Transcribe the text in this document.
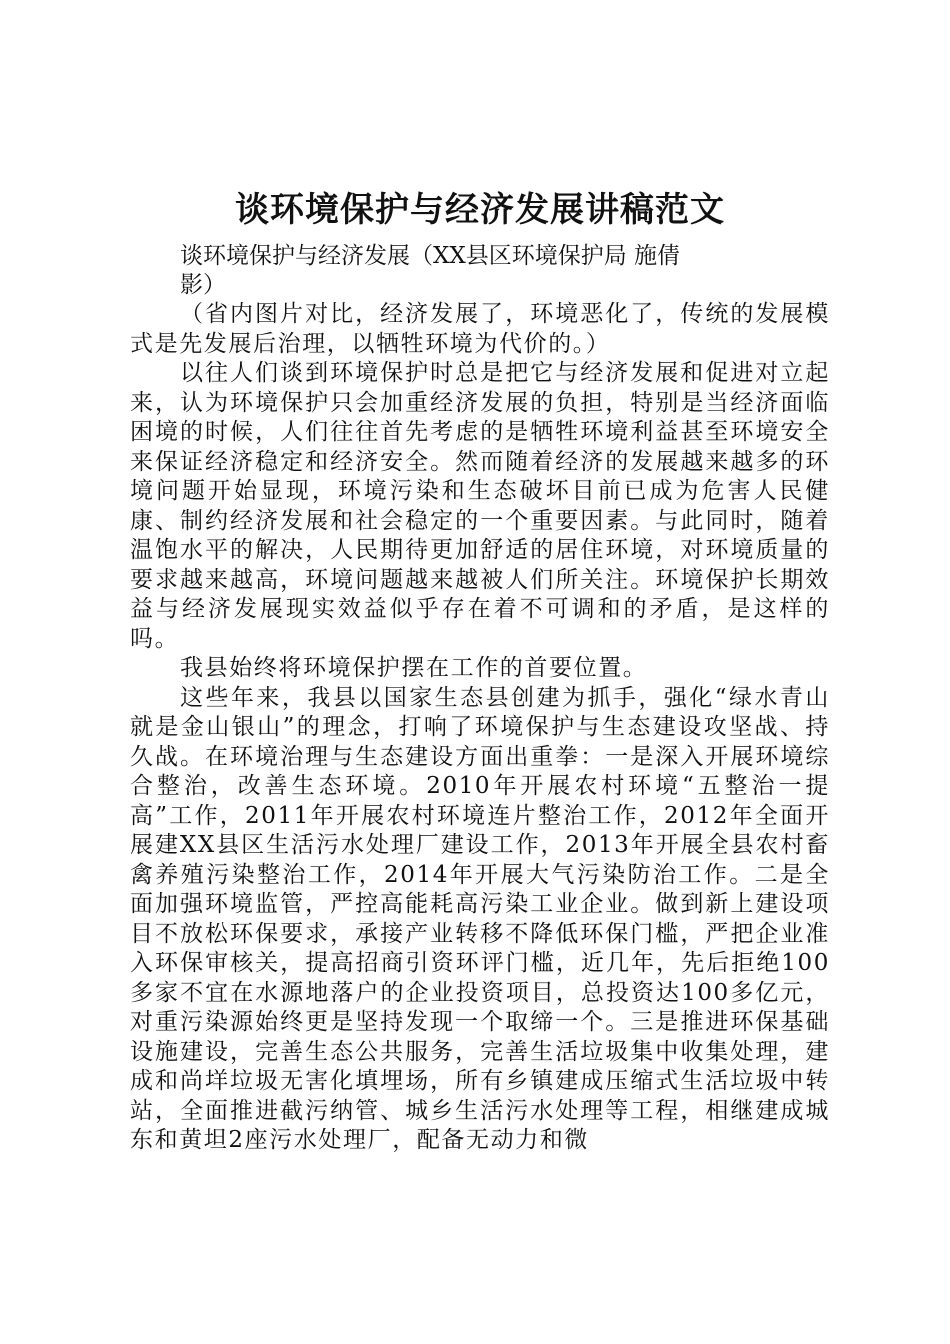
谈环境保护与经济发展讲稿范文

谈环境保护与经济发展（XX县区环境保护局 施倩影）

（省内图片对比，经济发展了，环境恶化了，传统的发展模式是先发展后治理，以牺牲环境为代价的。）

以往人们谈到环境保护时总是把它与经济发展和促进对立起来，认为环境保护只会加重经济发展的负担，特别是当经济面临困境的时候，人们往往首先考虑的是牺牲环境利益甚至环境安全来保证经济稳定和经济安全。然而随着经济的发展越来越多的环境问题开始显现，环境污染和生态破坏目前已成为危害人民健康、制约经济发展和社会稳定的一个重要因素。与此同时，随着温饱水平的解决，人民期待更加舒适的居住环境，对环境质量的要求越来越高，环境问题越来越被人们所关注。环境保护长期效益与经济发展现实效益似乎存在着不可调和的矛盾，是这样的吗。

我县始终将环境保护摆在工作的首要位置。

这些年来，我县以国家生态县创建为抓手，强化“绿水青山就是金山银山”的理念，打响了环境保护与生态建设攻坚战、持久战。在环境治理与生态建设方面出重拳：一是深入开展环境综合整治，改善生态环境。2010年开展农村环境“五整治一提高”工作，2011年开展农村环境连片整治工作，2012年全面开展建XX县区生活污水处理厂建设工作，2013年开展全县农村畜禽养殖污染整治工作，2014年开展大气污染防治工作。二是全面加强环境监管，严控高能耗高污染工业企业。做到新上建设项目不放松环保要求，承接产业转移不降低环保门槛，严把企业准入环保审核关，提高招商引资环评门槛，近几年，先后拒绝100多家不宜在水源地落户的企业投资项目，总投资达100多亿元，对重污染源始终更是坚持发现一个取缔一个。三是推进环保基础设施建设，完善生态公共服务，完善生活垃圾集中收集处理，建成和尚垟垃圾无害化填埋场，所有乡镇建成压缩式生活垃圾中转站，全面推进截污纳管、城乡生活污水处理等工程，相继建成城东和黄坦2座污水处理厂，配备无动力和微
